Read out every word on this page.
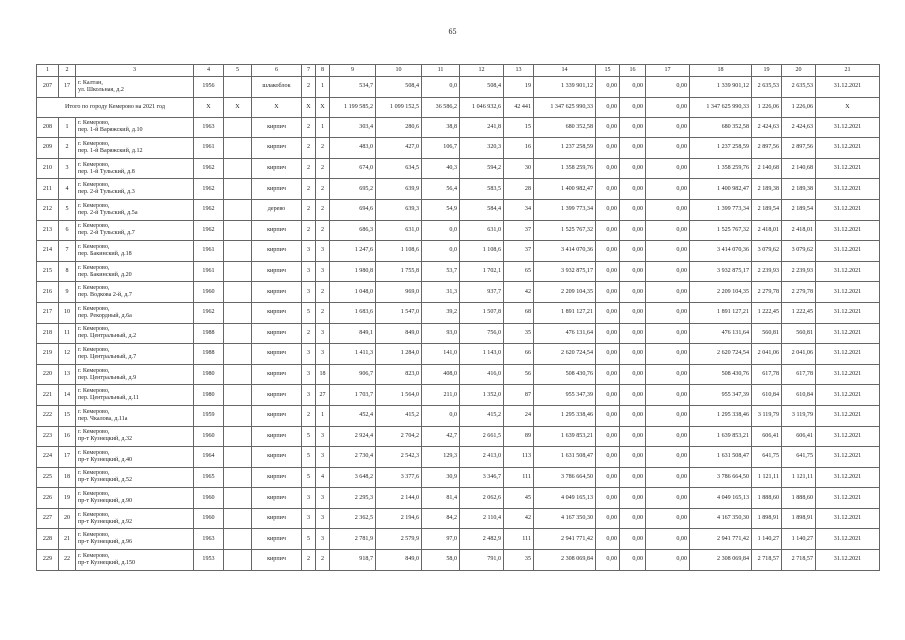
65
1	2	3	4	5	6	7	8	9	10	11	12	13	14	15	16	17	18	19	20	21
207	17	г. Калтан,
ул. Школьная, д.2	1956		шлакоблок	2	1	534,7	508,4	0,0	508,4	19	1 339 901,12	0,00	0,00	0,00	1 339 901,12	2 635,53	2 635,53	31.12.2021
Итого по городу Кемерово на 2021 год			X	X	X	X	X	1 199 585,2	1 099 152,5	36 586,2	1 046 932,6	42 441	1 347 625 990,33	0,00	0,00	0,00	1 347 625 990,33	1 226,06	1 226,06	X
208	1	г. Кемерово,
пер. 1-й Варяжский, д.10	1963		кирпич	2	1	303,4	280,6	38,8	241,8	15	680 352,58	0,00	0,00	0,00	680 352,58	2 424,63	2 424,63	31.12.2021
209	2	г. Кемерово,
пер. 1-й Варяжский, д.12	1961		кирпич	2	2	483,0	427,0	106,7	320,3	16	1 237 258,59	0,00	0,00	0,00	1 237 258,59	2 897,56	2 897,56	31.12.2021
210	3	г. Кемерово,
пер. 1-й Тульский, д.8	1962		кирпич	2	2	674,0	634,5	40,3	594,2	30	1 358 259,76	0,00	0,00	0,00	1 358 259,76	2 140,68	2 140,68	31.12.2021
211	4	г. Кемерово,
пер. 2-й Тульский, д.3	1962		кирпич	2	2	695,2	639,9	56,4	583,5	28	1 400 982,47	0,00	0,00	0,00	1 400 982,47	2 189,38	2 189,38	31.12.2021
212	5	г. Кемерово,
пер. 2-й Тульский, д.5а	1962		дерево	2	2	694,6	639,3	54,9	584,4	34	1 399 773,34	0,00	0,00	0,00	1 399 773,34	2 189,54	2 189,54	31.12.2021
213	6	г. Кемерово,
пер. 2-й Тульский, д.7	1962		кирпич	2	2	686,3	631,0	0,0	631,0	37	1 525 767,32	0,00	0,00	0,00	1 525 767,32	2 418,01	2 418,01	31.12.2021
214	7	г. Кемерово,
пер. Бакинский, д.18	1961		кирпич	3	3	1 247,6	1 108,6	0,0	1 108,6	37	3 414 070,36	0,00	0,00	0,00	3 414 070,36	3 079,62	3 079,62	31.12.2021
215	8	г. Кемерово,
пер. Бакинский, д.20	1961		кирпич	3	3	1 980,8	1 755,8	53,7	1 702,1	65	3 932 875,17	0,00	0,00	0,00	3 932 875,17	2 239,93	2 239,93	31.12.2021
216	9	г. Кемерово,
пер. Водкова 2-й, д.7	1960		кирпич	3	2	1 048,0	969,0	31,3	937,7	42	2 209 104,35	0,00	0,00	0,00	2 209 104,35	2 279,78	2 279,78	31.12.2021
217	10	г. Кемерово,
пер. Рекордный, д.6а	1962		кирпич	5	2	1 683,6	1 547,0	39,2	1 507,8	68	1 891 127,21	0,00	0,00	0,00	1 891 127,21	1 222,45	1 222,45	31.12.2021
218	11	г. Кемерово,
пер. Центральный, д.2	1988		кирпич	2	3	849,1	849,0	93,0	756,0	35	476 131,64	0,00	0,00	0,00	476 131,64	560,81	560,81	31.12.2021
219	12	г. Кемерово,
пер. Центральный, д.7	1988		кирпич	3	3	1 411,3	1 284,0	141,0	1 143,0	66	2 620 724,54	0,00	0,00	0,00	2 620 724,54	2 041,06	2 041,06	31.12.2021
220	13	г. Кемерово,
пер. Центральный, д.9	1980		кирпич	3	18	906,7	823,0	408,0	416,0	56	508 430,76	0,00	0,00	0,00	508 430,76	617,78	617,78	31.12.2021
221	14	г. Кемерово,
пер. Центральный, д.11	1980		кирпич	3	27	1 703,7	1 564,0	211,0	1 352,0	87	955 347,39	0,00	0,00	0,00	955 347,39	610,84	610,84	31.12.2021
222	15	г. Кемерово,
пер. Чкалова, д.11а	1959		кирпич	2	1	452,4	415,2	0,0	415,2	24	1 295 338,46	0,00	0,00	0,00	1 295 338,46	3 119,79	3 119,79	31.12.2021
223	16	г. Кемерово,
пр-т Кузнецкий, д.32	1960		кирпич	5	3	2 924,4	2 704,2	42,7	2 661,5	89	1 639 853,21	0,00	0,00	0,00	1 639 853,21	606,41	606,41	31.12.2021
224	17	г. Кемерово,
пр-т Кузнецкий, д.40	1964		кирпич	5	3	2 730,4	2 542,3	129,3	2 413,0	113	1 631 508,47	0,00	0,00	0,00	1 631 508,47	641,75	641,75	31.12.2021
225	18	г. Кемерово,
пр-т Кузнецкий, д.52	1965		кирпич	5	4	3 648,2	3 377,6	30,9	3 346,7	111	3 786 664,50	0,00	0,00	0,00	3 786 664,50	1 121,11	1 121,11	31.12.2021
226	19	г. Кемерово,
пр-т Кузнецкий, д.90	1960		кирпич	3	3	2 295,3	2 144,0	81,4	2 062,6	45	4 049 165,13	0,00	0,00	0,00	4 049 165,13	1 888,60	1 888,60	31.12.2021
227	20	г. Кемерово,
пр-т Кузнецкий, д.92	1960		кирпич	3	3	2 362,5	2 194,6	84,2	2 110,4	42	4 167 350,30	0,00	0,00	0,00	4 167 350,30	1 898,91	1 898,91	31.12.2021
228	21	г. Кемерово,
пр-т Кузнецкий, д.96	1963		кирпич	5	3	2 781,9	2 579,9	97,0	2 482,9	111	2 941 771,42	0,00	0,00	0,00	2 941 771,42	1 140,27	1 140,27	31.12.2021
229	22	г. Кемерово,
пр-т Кузнецкий, д.150	1953		кирпич	2	2	918,7	849,0	58,0	791,0	35	2 308 069,84	0,00	0,00	0,00	2 308 069,84	2 718,57	2 718,57	31.12.2021
